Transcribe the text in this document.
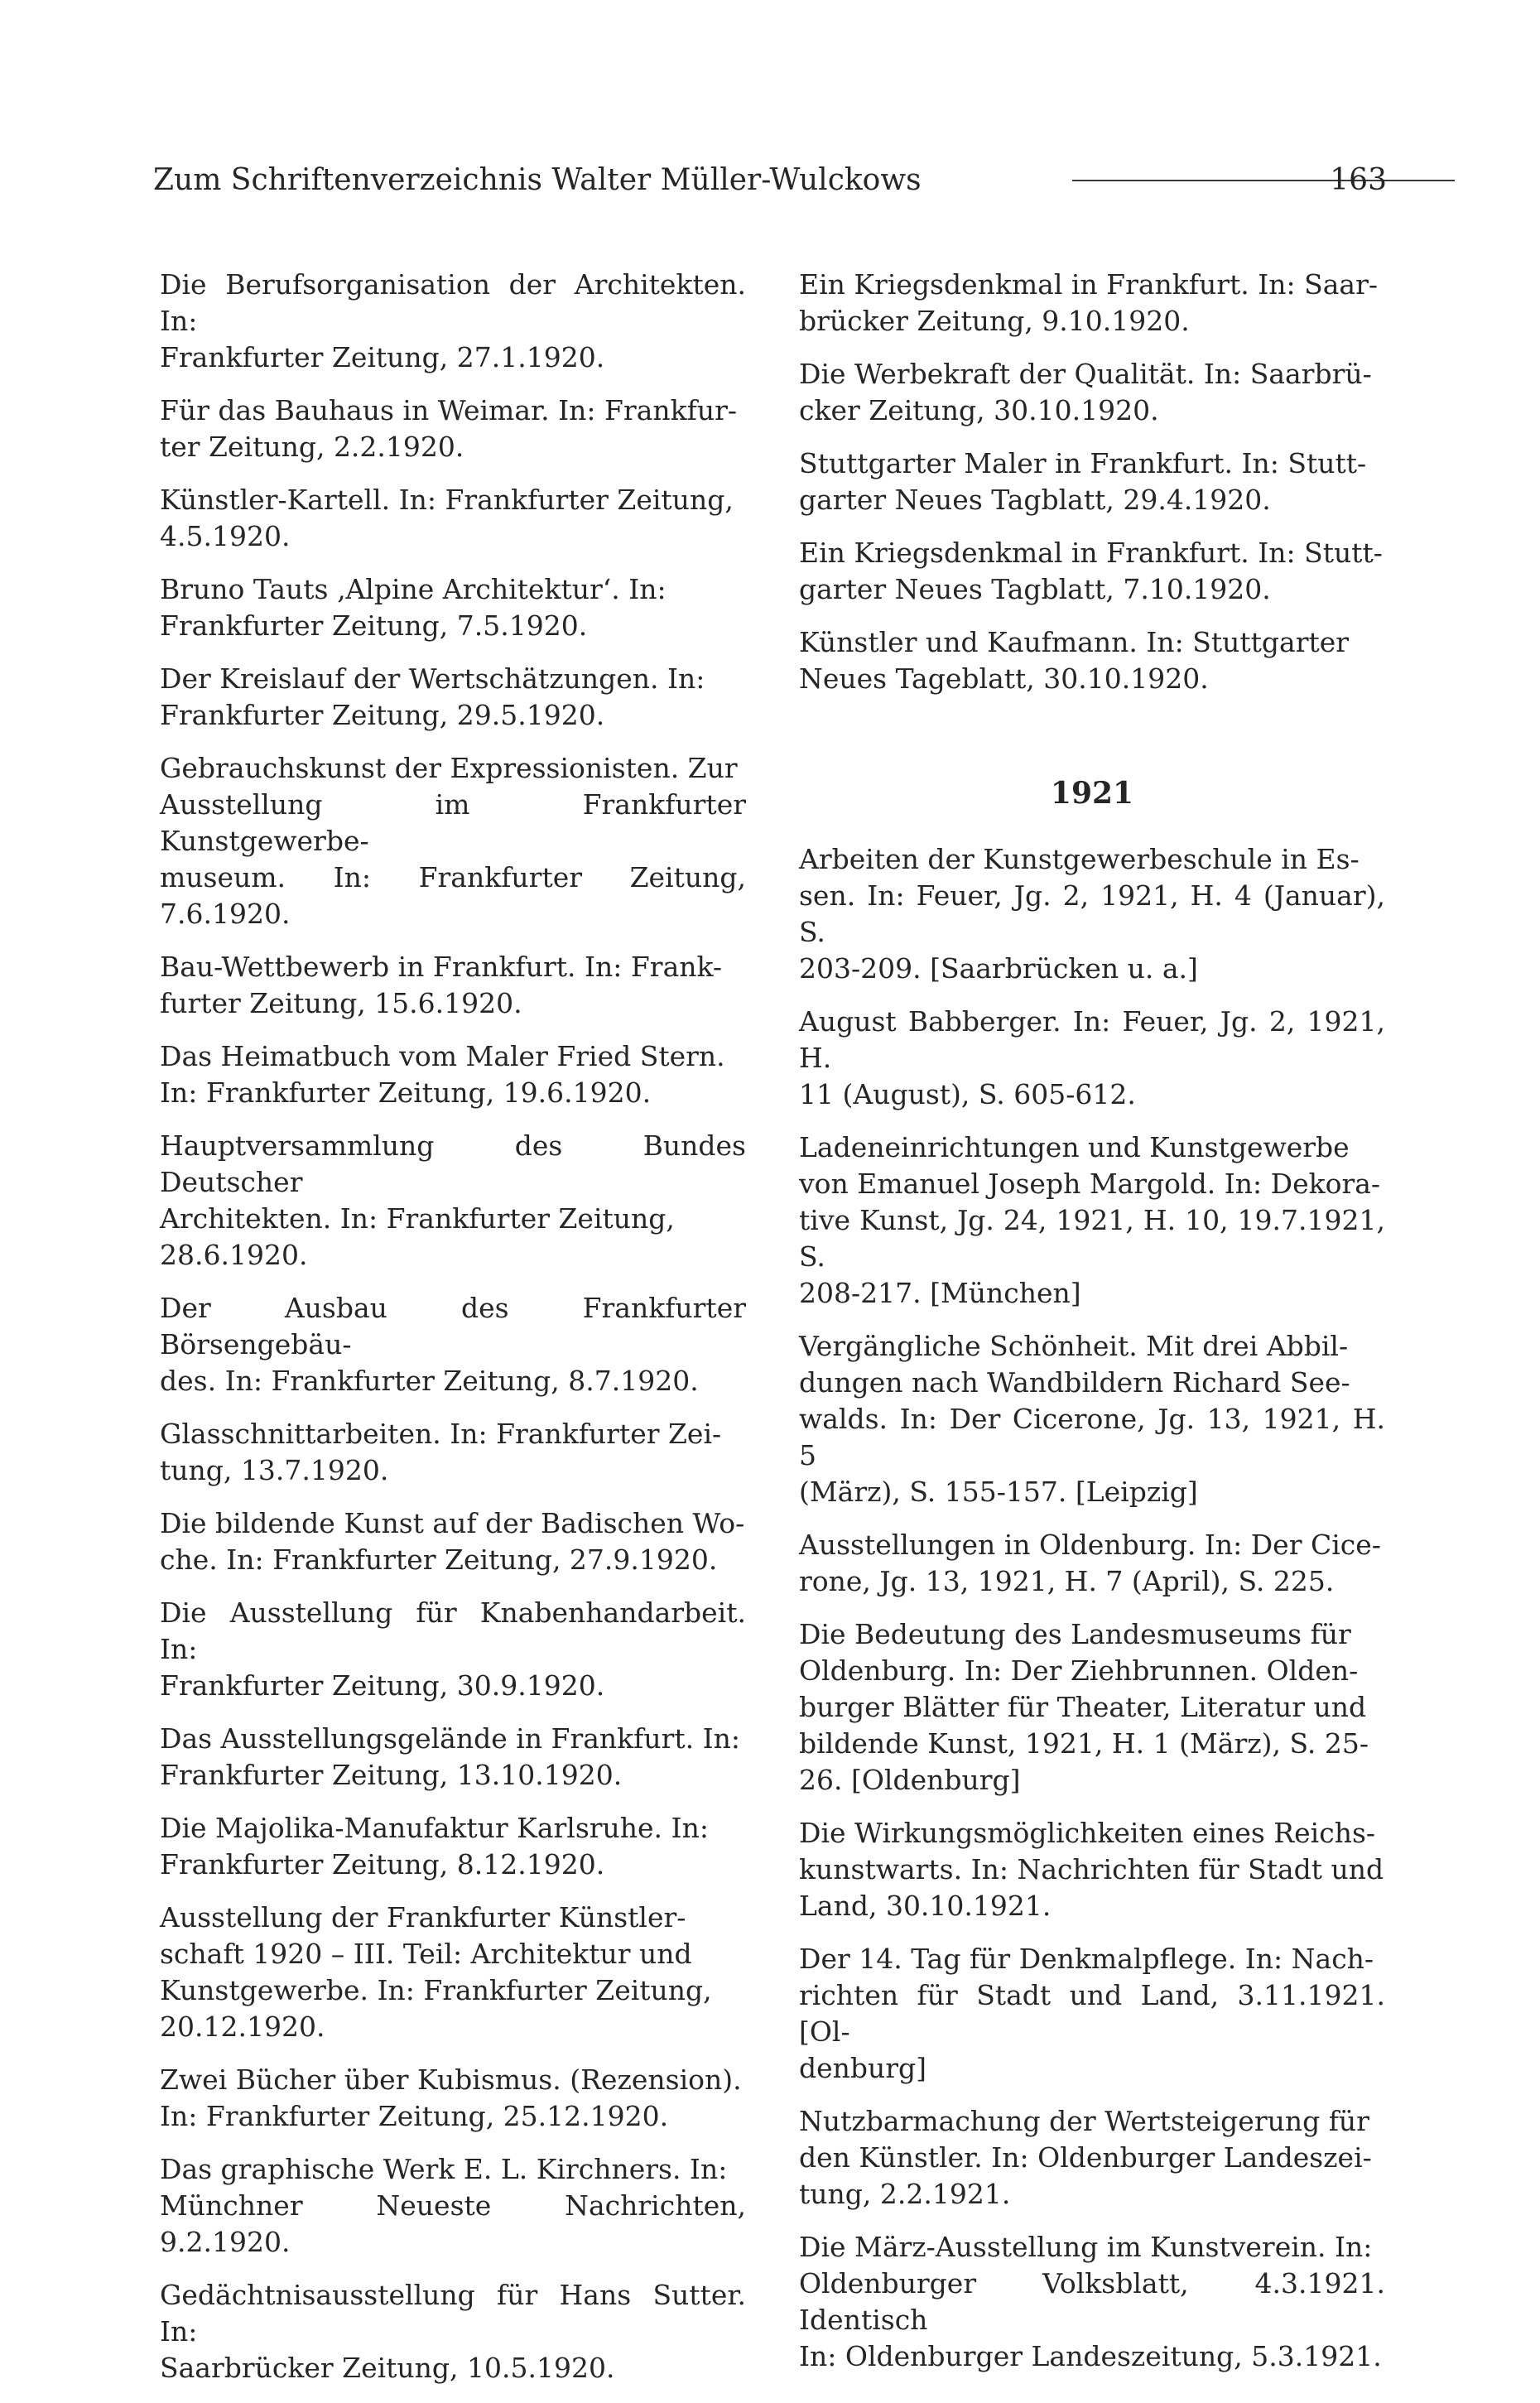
Zum Schriftenverzeichnis Walter Müller-Wulckows	163
Die Berufsorganisation der Architekten. In:
Frankfurter Zeitung, 27.1.1920.
Für das Bauhaus in Weimar. In: Frankfur-
ter Zeitung, 2.2.1920.
Künstler-Kartell. In: Frankfurter Zeitung,
4.5.1920.
Bruno Tauts ‚Alpine Architektur‘. In:
Frankfurter Zeitung, 7.5.1920.
Der Kreislauf der Wertschätzungen. In:
Frankfurter Zeitung, 29.5.1920.
Gebrauchskunst der Expressionisten. Zur
Ausstellung im Frankfurter Kunstgewerbe-
museum. In: Frankfurter Zeitung, 7.6.1920.
Bau-Wettbewerb in Frankfurt. In: Frank-
furter Zeitung, 15.6.1920.
Das Heimatbuch vom Maler Fried Stern.
In: Frankfurter Zeitung, 19.6.1920.
Hauptversammlung des Bundes Deutscher
Architekten. In: Frankfurter Zeitung,
28.6.1920.
Der Ausbau des Frankfurter Börsengebäu-
des. In: Frankfurter Zeitung, 8.7.1920.
Glasschnittarbeiten. In: Frankfurter Zei-
tung, 13.7.1920.
Die bildende Kunst auf der Badischen Wo-
che. In: Frankfurter Zeitung, 27.9.1920.
Die Ausstellung für Knabenhandarbeit. In:
Frankfurter Zeitung, 30.9.1920.
Das Ausstellungsgelände in Frankfurt. In:
Frankfurter Zeitung, 13.10.1920.
Die Majolika-Manufaktur Karlsruhe. In:
Frankfurter Zeitung, 8.12.1920.
Ausstellung der Frankfurter Künstler-
schaft 1920 – III. Teil: Architektur und
Kunstgewerbe. In: Frankfurter Zeitung,
20.12.1920.
Zwei Bücher über Kubismus. (Rezension).
In: Frankfurter Zeitung, 25.12.1920.
Das graphische Werk E. L. Kirchners. In:
Münchner Neueste Nachrichten, 9.2.1920.
Gedächtnisausstellung für Hans Sutter. In:
Saarbrücker Zeitung, 10.5.1920.
Ein Kriegsdenkmal in Frankfurt. In: Saar-
brücker Zeitung, 9.10.1920.
Die Werbekraft der Qualität. In: Saarbrü-
cker Zeitung, 30.10.1920.
Stuttgarter Maler in Frankfurt. In: Stutt-
garter Neues Tagblatt, 29.4.1920.
Ein Kriegsdenkmal in Frankfurt. In: Stutt-
garter Neues Tagblatt, 7.10.1920.
Künstler und Kaufmann. In: Stuttgarter
Neues Tageblatt, 30.10.1920.
1921
Arbeiten der Kunstgewerbeschule in Es-
sen. In: Feuer, Jg. 2, 1921, H. 4 (Januar), S.
203-209. [Saarbrücken u. a.]
August Babberger. In: Feuer, Jg. 2, 1921, H.
11 (August), S. 605-612.
Ladeneinrichtungen und Kunstgewerbe
von Emanuel Joseph Margold. In: Dekora-
tive Kunst, Jg. 24, 1921, H. 10, 19.7.1921, S.
208-217. [München]
Vergängliche Schönheit. Mit drei Abbil-
dungen nach Wandbildern Richard See-
walds. In: Der Cicerone, Jg. 13, 1921, H. 5
(März), S. 155-157. [Leipzig]
Ausstellungen in Oldenburg. In: Der Cice-
rone, Jg. 13, 1921, H. 7 (April), S. 225.
Die Bedeutung des Landesmuseums für
Oldenburg. In: Der Ziehbrunnen. Olden-
burger Blätter für Theater, Literatur und
bildende Kunst, 1921, H. 1 (März), S. 25-
26. [Oldenburg]
Die Wirkungsmöglichkeiten eines Reichs-
kunstwarts. In: Nachrichten für Stadt und
Land, 30.10.1921.
Der 14. Tag für Denkmalpflege. In: Nach-
richten für Stadt und Land, 3.11.1921. [Ol-
denburg]
Nutzbarmachung der Wertsteigerung für
den Künstler. In: Oldenburger Landeszei-
tung, 2.2.1921.
Die März-Ausstellung im Kunstverein. In:
Oldenburger Volksblatt, 4.3.1921. Identisch
In: Oldenburger Landeszeitung, 5.3.1921.
